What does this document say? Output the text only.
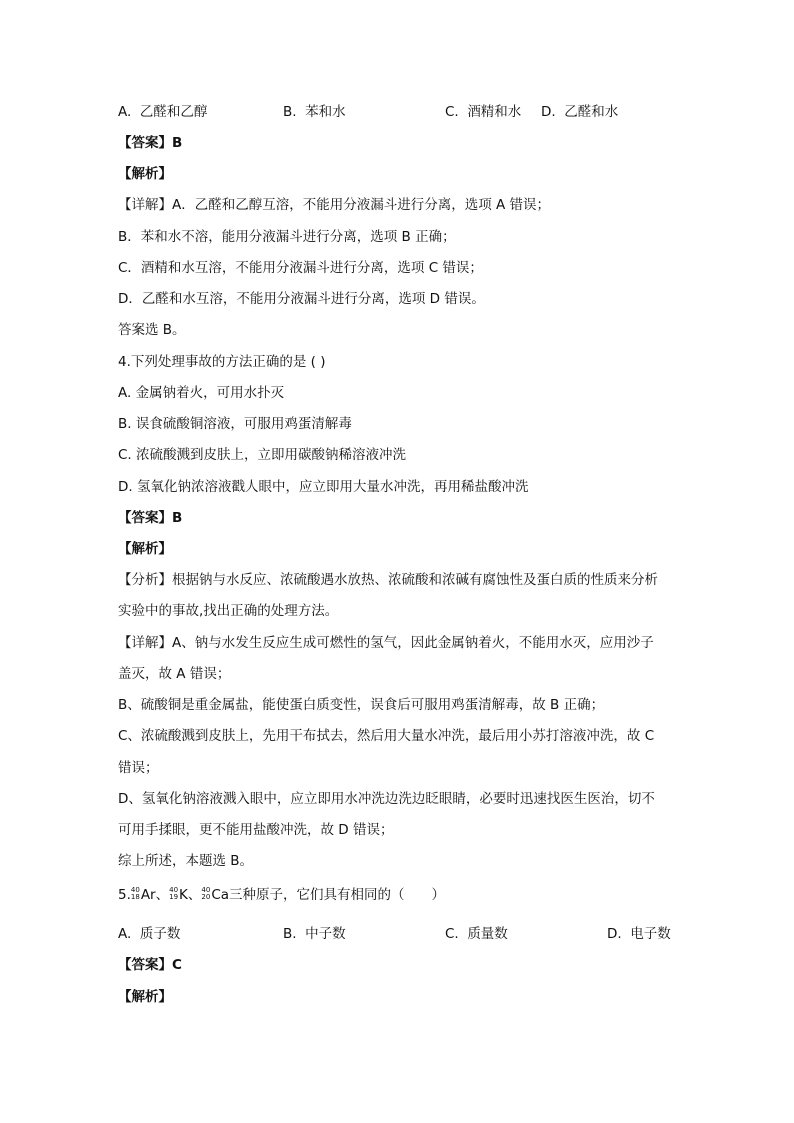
A. 乙醛和乙醇	B. 苯和水	C. 酒精和水 D. 乙醛和水
【答案】B
【解析】
【详解】A．乙醛和乙醇互溶，不能用分液漏斗进行分离，选项 A 错误；
B．苯和水不溶，能用分液漏斗进行分离，选项 B 正确；
C．酒精和水互溶，不能用分液漏斗进行分离，选项 C 错误；
D．乙醛和水互溶，不能用分液漏斗进行分离，选项 D 错误。
答案选 B。
4.下列处理事故的方法正确的是 ( )
A. 金属钠着火，可用水扑灭
B. 误食硫酸铜溶液，可服用鸡蛋清解毒
C. 浓硫酸溅到皮肤上，立即用碳酸钠稀溶液冲洗
D. 氢氧化钠浓溶液戳人眼中，应立即用大量水冲洗，再用稀盐酸冲洗
【答案】B
【解析】
【分析】根据钠与水反应、浓硫酸遇水放热、浓硫酸和浓碱有腐蚀性及蛋白质的性质来分析
实验中的事故,找出正确的处理方法。
【详解】A、钠与水发生反应生成可燃性的氢气，因此金属钠着火，不能用水灭，应用沙子
盖灭，故 A 错误；
B、硫酸铜是重金属盐，能使蛋白质变性，误食后可服用鸡蛋清解毒，故 B 正确；
C、浓硫酸溅到皮肤上，先用干布拭去，然后用大量水冲洗，最后用小苏打溶液冲洗，故 C
错误；
D、氢氧化钠溶液溅入眼中，应立即用水冲洗边洗边眨眼睛，必要时迅速找医生医治，切不
可用手揉眼，更不能用盐酸冲洗，故 D 错误；
综上所述，本题选 B。
5. 40
18 Ar、 40
19 K、 40
20 Ca三种原子，它们具有相同的（　　）
A. 质子数	B. 中子数	C. 质量数	D. 电子数
【答案】C
【解析】
